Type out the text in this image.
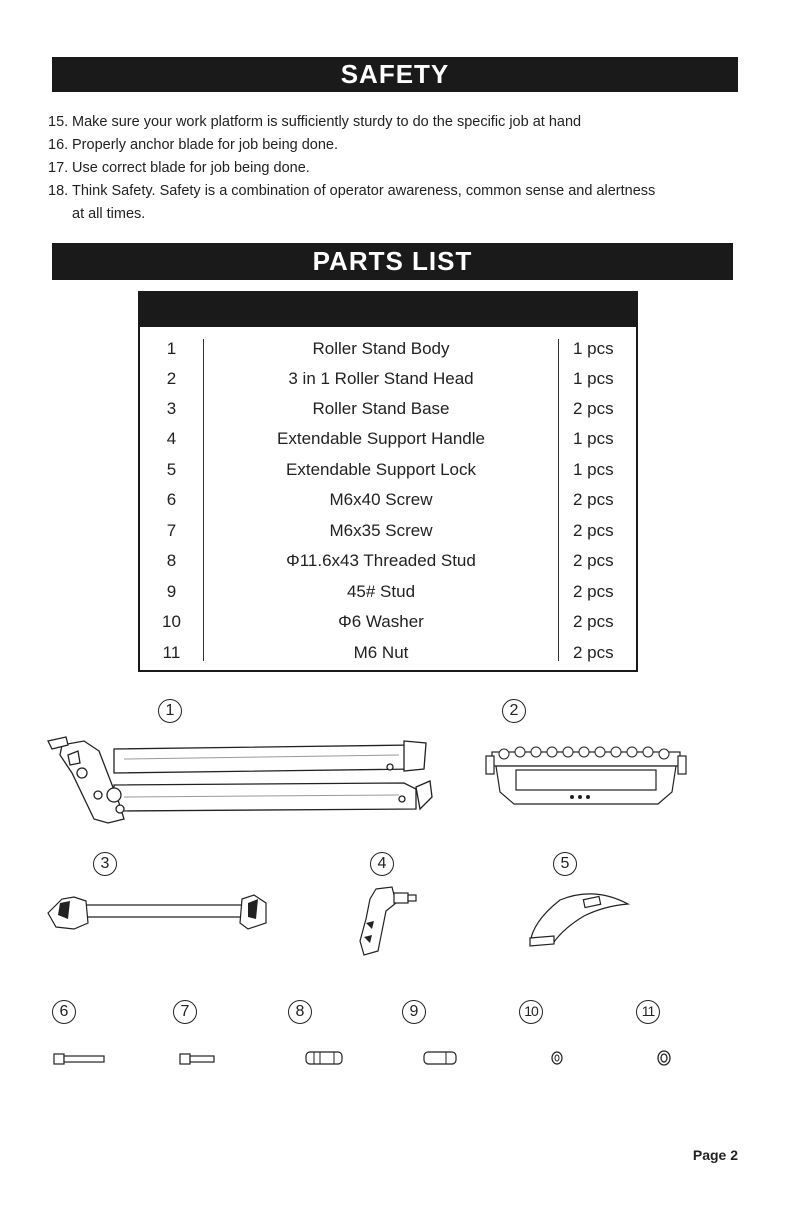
SAFETY
15. Make sure your work platform is sufficiently sturdy to do the specific job at hand
16. Properly anchor blade for job being done.
17. Use correct blade for job being done.
18. Think Safety. Safety is a combination of operator awareness, common sense and alertness at all times.
PARTS LIST
1	Roller Stand Body	1 pcs
2	3 in 1 Roller Stand Head	1 pcs
3	Roller Stand Base	2 pcs
4	Extendable Support Handle	1 pcs
5	Extendable Support Lock	1 pcs
6	M6x40 Screw	2 pcs
7	M6x35 Screw	2 pcs
8	Φ11.6x43 Threaded Stud	2 pcs
9	45# Stud	2 pcs
10	Φ6 Washer	2 pcs
11	M6 Nut	2 pcs
1	2
3	4	5
6	7	8	9	10	11
Page 2
